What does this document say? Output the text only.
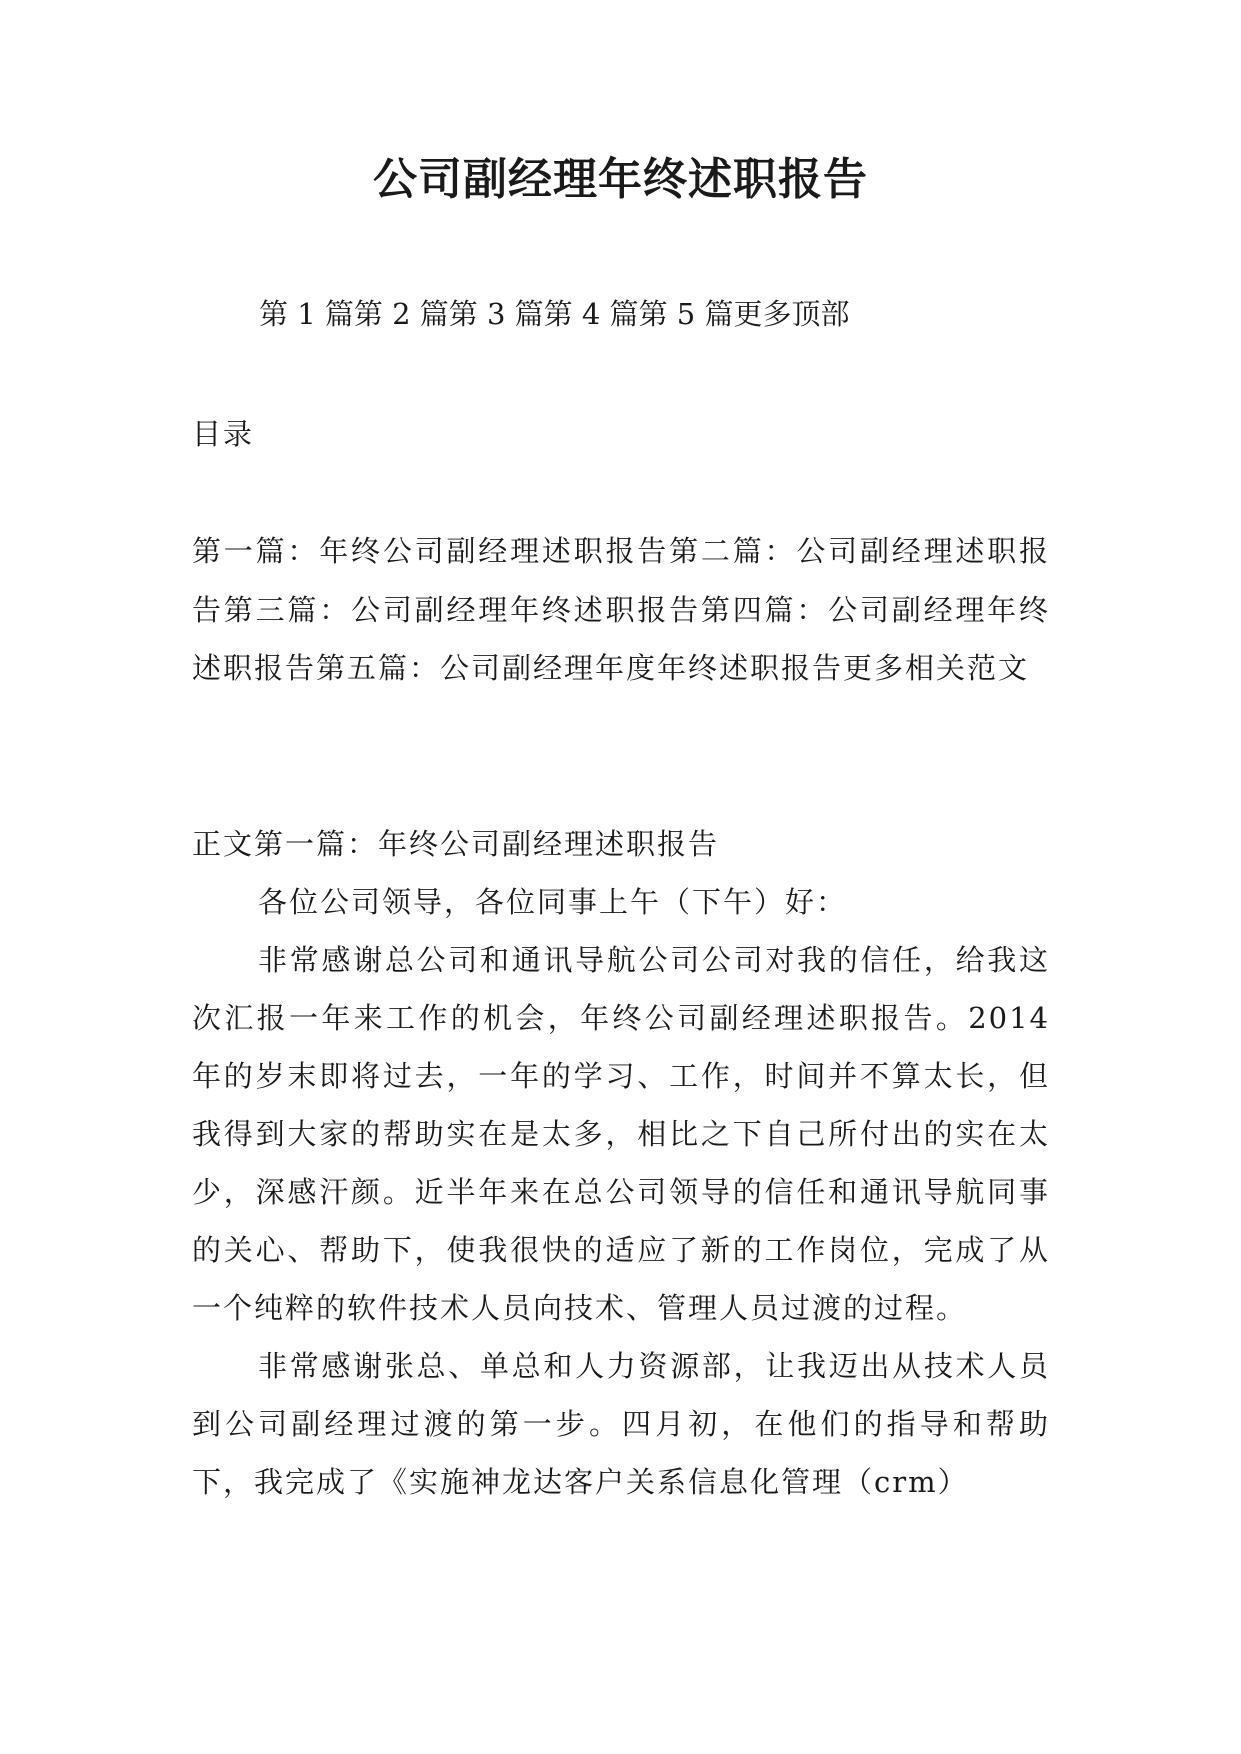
公司副经理年终述职报告
第 1 篇第 2 篇第 3 篇第 4 篇第 5 篇更多顶部
目录
第一篇：年终公司副经理述职报告第二篇：公司副经理述职报告第三篇：公司副经理年终述职报告第四篇：公司副经理年终述职报告第五篇：公司副经理年度年终述职报告更多相关范文
正文第一篇：年终公司副经理述职报告

各位公司领导，各位同事上午（下午）好：

非常感谢总公司和通讯导航公司公司对我的信任，给我这次汇报一年来工作的机会，年终公司副经理述职报告。2014 年的岁末即将过去，一年的学习、工作，时间并不算太长，但我得到大家的帮助实在是太多，相比之下自己所付出的实在太少，深感汗颜。近半年来在总公司领导的信任和通讯导航同事的关心、帮助下，使我很快的适应了新的工作岗位，完成了从一个纯粹的软件技术人员向技术、管理人员过渡的过程。

非常感谢张总、单总和人力资源部，让我迈出从技术人员到公司副经理过渡的第一步。四月初，在他们的指导和帮助下，我完成了《实施神龙达客户关系信息化管理（crm）
